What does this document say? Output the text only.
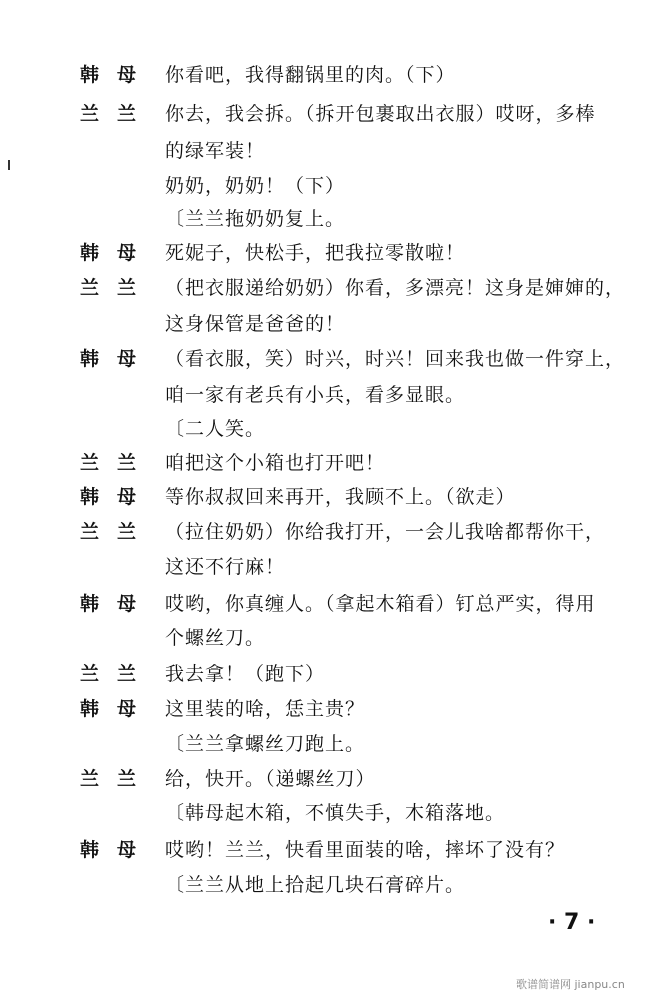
韩母 你看吧，我得翻锅里的肉。（下）
兰兰 你去，我会拆。（拆开包裹取出衣服）哎呀，多棒
的绿军装！
奶奶，奶奶！（下）
〔兰兰拖奶奶复上。
韩母 死妮子，快松手，把我拉零散啦！
兰兰 （把衣服递给奶奶）你看，多漂亮！这身是婶婶的，
这身保管是爸爸的！
韩母 （看衣服，笑）时兴，时兴！回来我也做一件穿上，
咱一家有老兵有小兵，看多显眼。
〔二人笑。
兰兰 咱把这个小箱也打开吧！
韩母 等你叔叔回来再开，我顾不上。（欲走）
兰兰 （拉住奶奶）你给我打开，一会儿我啥都帮你干，
这还不行麻！
韩母 哎哟，你真缠人。（拿起木箱看）钉总严实，得用
个螺丝刀。
兰兰 我去拿！（跑下）
韩母 这里装的啥，恁主贵？
〔兰兰拿螺丝刀跑上。
兰兰 给，快开。（递螺丝刀）
〔韩母起木箱，不慎失手，木箱落地。
韩母 哎哟！兰兰，快看里面装的啥，摔坏了没有？
〔兰兰从地上拾起几块石膏碎片。
· 7 ·
歌谱简谱网 jianpu.cn
